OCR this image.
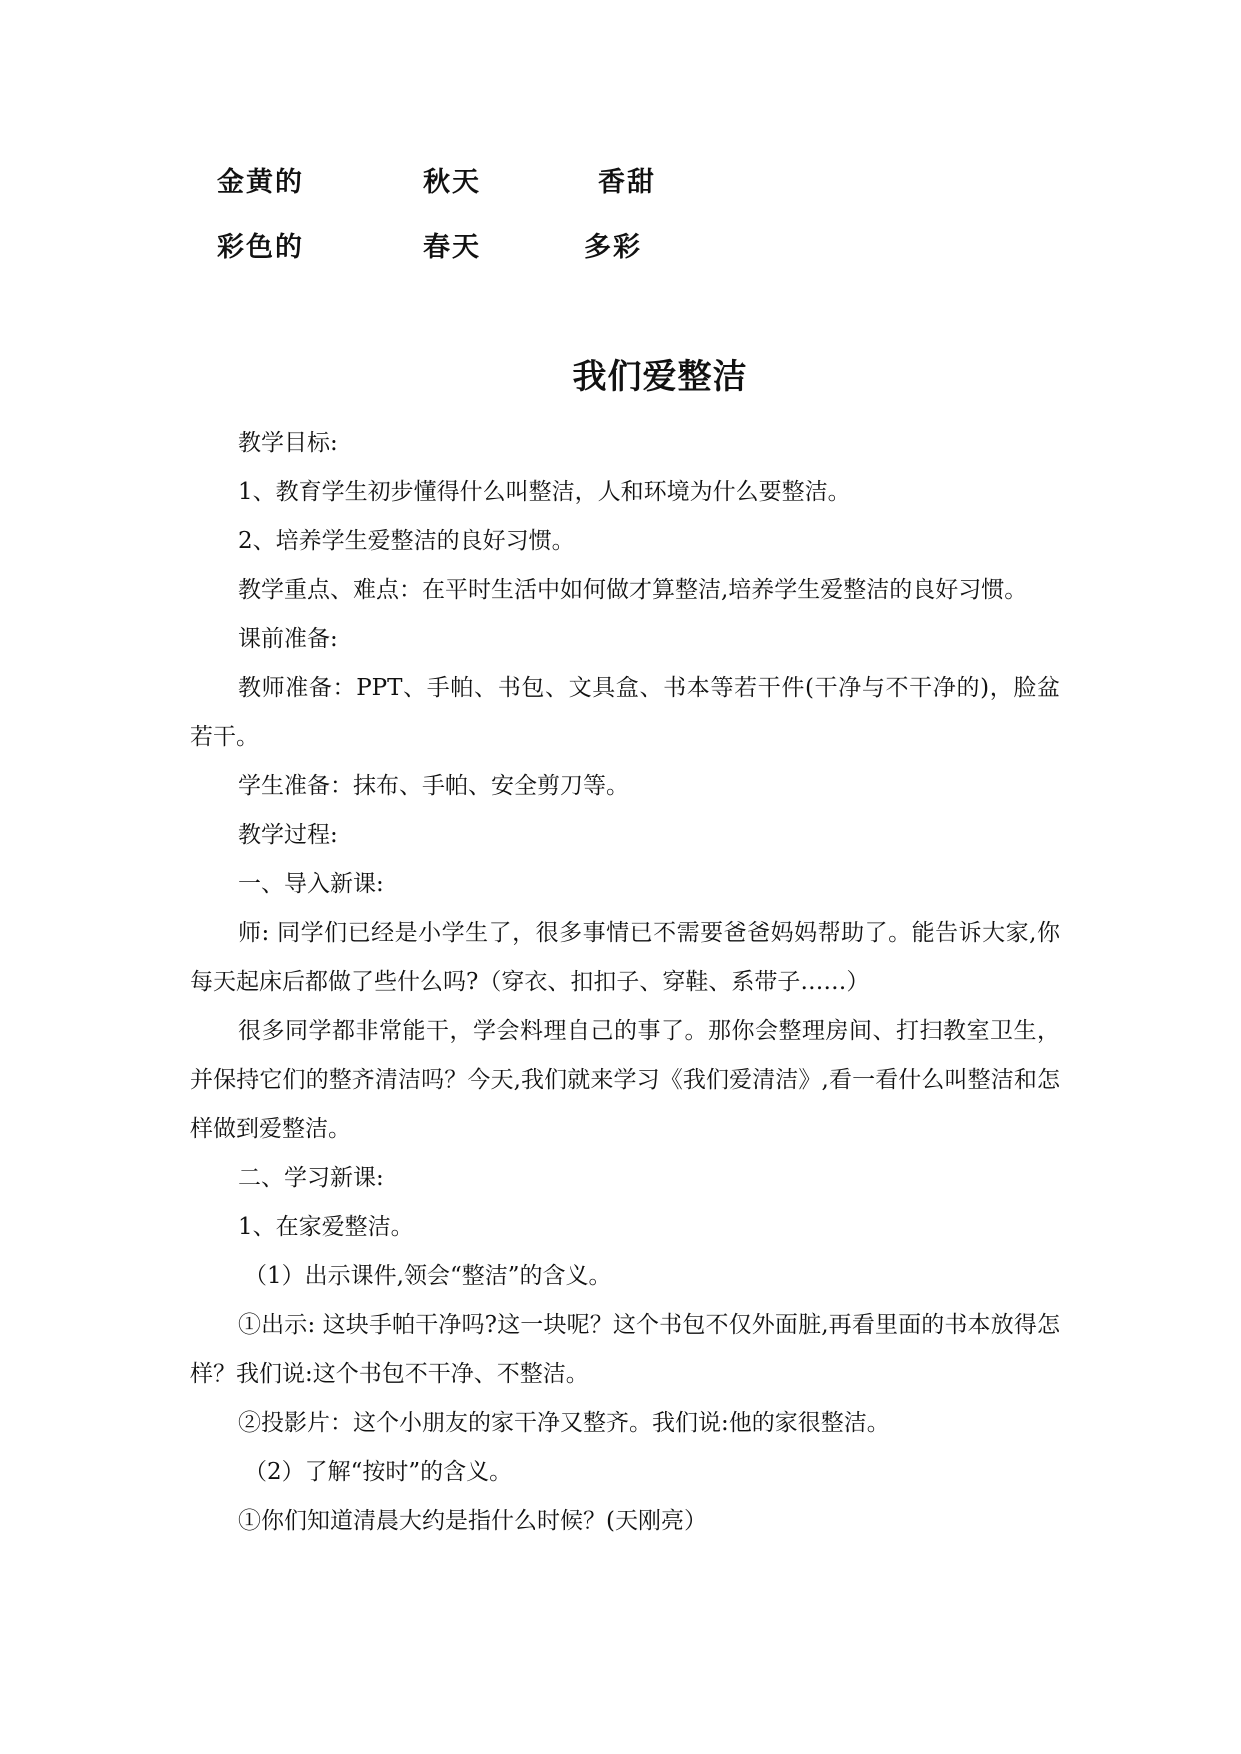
金黄的	秋天	香甜
彩色的	春天	多彩
我们爱整洁

教学目标:

1、教育学生初步懂得什么叫整洁，人和环境为什么要整洁。

2、培养学生爱整洁的良好习惯。

教学重点、难点：在平时生活中如何做才算整洁,培养学生爱整洁的良好习惯。

课前准备:

教师准备：PPT、手帕、书包、文具盒、书本等若干件(干净与不干净的)，脸盆若干。

学生准备：抹布、手帕、安全剪刀等。

教学过程:

一、导入新课:

师: 同学们已经是小学生了，很多事情已不需要爸爸妈妈帮助了。能告诉大家,你每天起床后都做了些什么吗?（穿衣、扣扣子、穿鞋、系带子……）

很多同学都非常能干，学会料理自己的事了。那你会整理房间、打扫教室卫生，并保持它们的整齐清洁吗？今天,我们就来学习《我们爱清洁》,看一看什么叫整洁和怎样做到爱整洁。

二、学习新课:

1、在家爱整洁。

（1）出示课件,领会“整洁”的含义。

①出示: 这块手帕干净吗?这一块呢？这个书包不仅外面脏,再看里面的书本放得怎样？我们说:这个书包不干净、不整洁。

②投影片：这个小朋友的家干净又整齐。我们说:他的家很整洁。

（2）了解“按时”的含义。

①你们知道清晨大约是指什么时候？(天刚亮）
